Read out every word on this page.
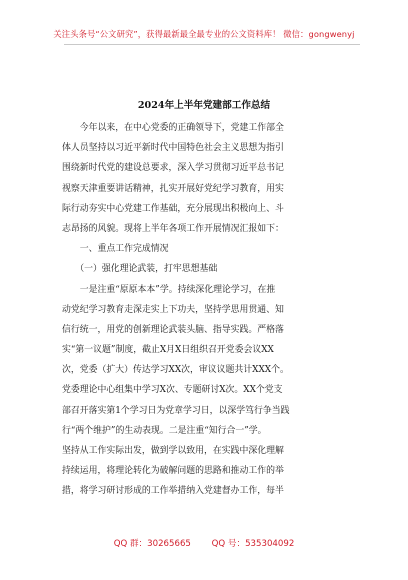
关注头条号“公文研究”，获得最新最全最专业的公文资料库！ 微信：gongwenyj
2024年上半年党建部工作总结
　　今年以来，在中心党委的正确领导下，党建工作部全
体人员坚持以习近平新时代中国特色社会主义思想为指引
围绕新时代党的建设总要求，深入学习贯彻习近平总书记
视察天津重要讲话精神，扎实开展好党纪学习教育，用实
际行动夯实中心党建工作基础，充分展现出积极向上、斗
志昂扬的风貌。现将上半年各项工作开展情况汇报如下：
　　一、重点工作完成情况
　　（一）强化理论武装，打牢思想基础
　　一是注重“原原本本”学。持续深化理论学习，在推
动党纪学习教育走深走实上下功夫，坚持学思用贯通、知
信行统一，用党的创新理论武装头脑、指导实践。严格落
实“第一议题”制度，截止X月X日组织召开党委会议XX
次，党委（扩大）传达学习XX次，审议议题共计XXX个。
党委理论中心组集中学习X次、专题研讨X次。XX个党支
部召开落实第1个学习日为党章学习日，以深学笃行争当践
行“两个维护”的生动表现。二是注重“知行合一”学。
坚持从工作实际出发，做到学以致用，在实践中深化理解
持续运用，将理论转化为破解问题的思路和推动工作的举
措，将学习研讨形成的工作举措纳入党建督办工作，每半
QQ 群：30265665 QQ 号：535304092
